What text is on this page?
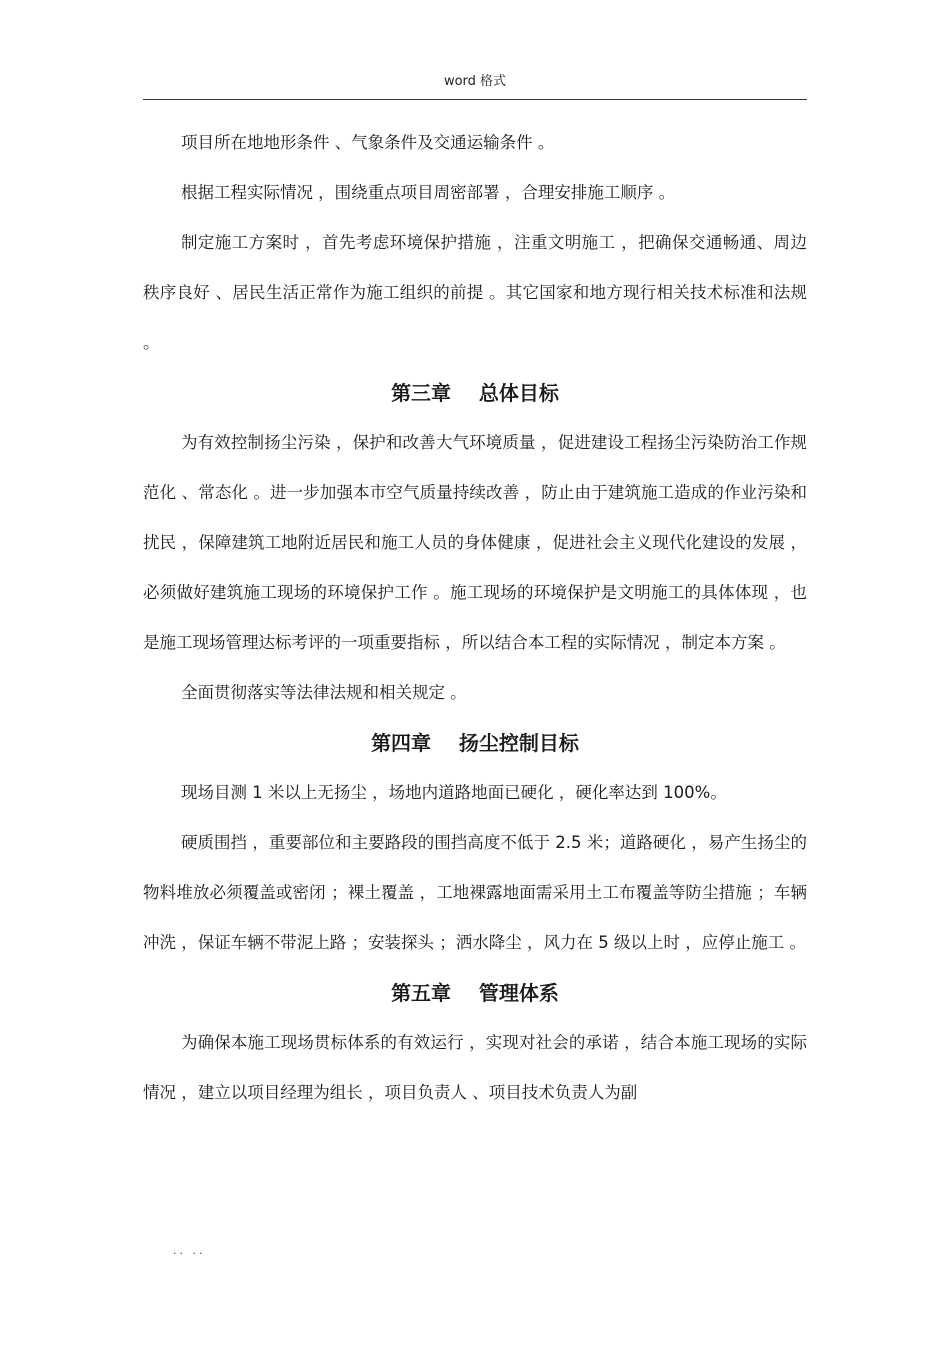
word 格式

项目所在地地形条件 、气象条件及交通运输条件 。

根据工程实际情况 ，围绕重点项目周密部署 ，合理安排施工顺序 。

制定施工方案时 ，首先考虑环境保护措施 ，注重文明施工 ，把确保交通畅通、周边秩序良好 、居民生活正常作为施工组织的前提 。其它国家和地方现行相关技术标准和法规 。

第三章    总体目标

为有效控制扬尘污染 ，保护和改善大气环境质量 ，促进建设工程扬尘污染防治工作规范化 、常态化 。进一步加强本市空气质量持续改善 ，防止由于建筑施工造成的作业污染和扰民 ，保障建筑工地附近居民和施工人员的身体健康 ，促进社会主义现代化建设的发展 ，必须做好建筑施工现场的环境保护工作 。施工现场的环境保护是文明施工的具体体现 ，也是施工现场管理达标考评的一项重要指标 ，所以结合本工程的实际情况 ，制定本方案 。

全面贯彻落实等法律法规和相关规定 。

第四章    扬尘控制目标

现场目测 1 米以上无扬尘 ，场地内道路地面已硬化 ，硬化率达到 100%。

硬质围挡 ，重要部位和主要路段的围挡高度不低于 2.5 米；道路硬化 ，易产生扬尘的物料堆放必须覆盖或密闭 ；裸土覆盖 ，工地裸露地面需采用土工布覆盖等防尘措施 ；车辆冲洗 ，保证车辆不带泥上路 ；安装探头 ；洒水降尘 ，风力在 5 级以上时 ，应停止施工 。

第五章    管理体系

为确保本施工现场贯标体系的有效运行 ，实现对社会的承诺 ，结合本施工现场的实际情况 ，建立以项目经理为组长 ，项目负责人 、项目技术负责人为副

.. ..
